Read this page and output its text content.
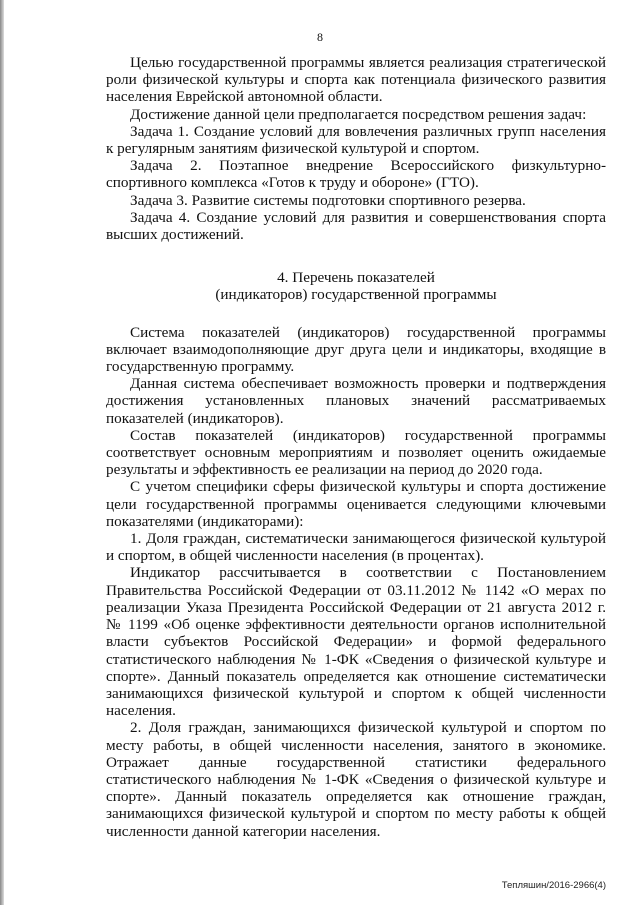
8

Целью государственной программы является реализация стратегической роли физической культуры и спорта как потенциала физического развития населения Еврейской автономной области.

Достижение данной цели предполагается посредством решения задач:

Задача 1. Создание условий для вовлечения различных групп населения к регулярным занятиям физической культурой и спортом.

Задача 2. Поэтапное внедрение Всероссийского физкультурно-спортивного комплекса «Готов к труду и обороне» (ГТО).

Задача 3. Развитие системы подготовки спортивного резерва.

Задача 4. Создание условий для развития и совершенствования спорта высших достижений.

4. Перечень показателей
(индикаторов) государственной программы

Система показателей (индикаторов) государственной программы включает взаимодополняющие друг друга цели и индикаторы, входящие в государственную программу.

Данная система обеспечивает возможность проверки и подтверждения достижения установленных плановых значений рассматриваемых показателей (индикаторов).

Состав показателей (индикаторов) государственной программы соответствует основным мероприятиям и позволяет оценить ожидаемые результаты и эффективность ее реализации на период до 2020 года.

С учетом специфики сферы физической культуры и спорта достижение цели государственной программы оценивается следующими ключевыми показателями (индикаторами):

1. Доля граждан, систематически занимающегося физической культурой и спортом, в общей численности населения (в процентах).

Индикатор рассчитывается в соответствии с Постановлением Правительства Российской Федерации от 03.11.2012 № 1142 «О мерах по реализации Указа Президента Российской Федерации от 21 августа 2012 г. № 1199 «Об оценке эффективности деятельности органов исполнительной власти субъектов Российской Федерации» и формой федерального статистического наблюдения № 1-ФК «Сведения о физической культуре и спорте». Данный показатель определяется как отношение систематически занимающихся физической культурой и спортом к общей численности населения.

2. Доля граждан, занимающихся физической культурой и спортом по месту работы, в общей численности населения, занятого в экономике. Отражает данные государственной статистики федерального статистического наблюдения № 1-ФК «Сведения о физической культуре и спорте». Данный показатель определяется как отношение граждан, занимающихся физической культурой и спортом по месту работы к общей численности данной категории населения.

Тепляшин/2016-2966(4)
